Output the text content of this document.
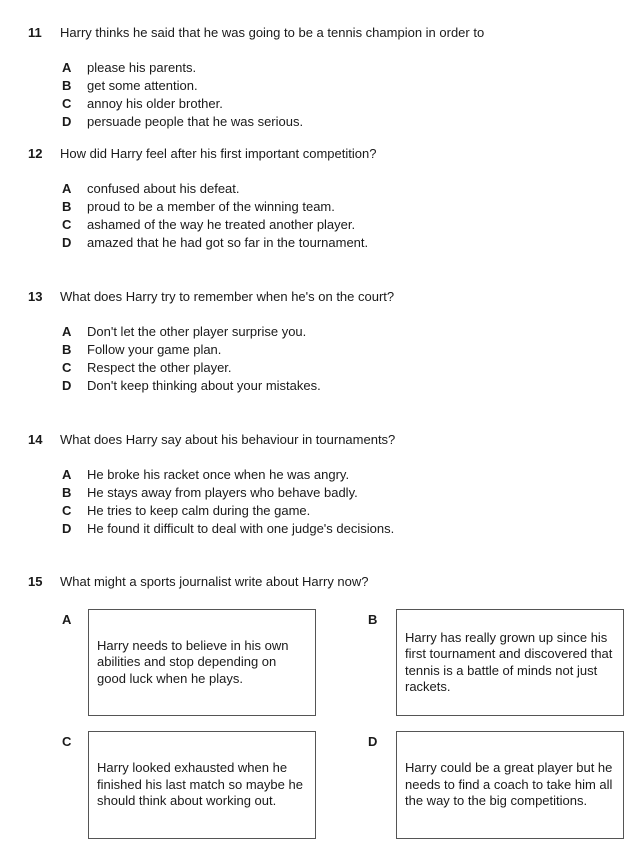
11 Harry thinks he said that he was going to be a tennis champion in order to
A please his parents.
B get some attention.
C annoy his older brother.
D persuade people that he was serious.
12 How did Harry feel after his first important competition?
A confused about his defeat.
B proud to be a member of the winning team.
C ashamed of the way he treated another player.
D amazed that he had got so far in the tournament.
13 What does Harry try to remember when he's on the court?
A Don't let the other player surprise you.
B Follow your game plan.
C Respect the other player.
D Don't keep thinking about your mistakes.
14 What does Harry say about his behaviour in tournaments?
A He broke his racket once when he was angry.
B He stays away from players who behave badly.
C He tries to keep calm during the game.
D He found it difficult to deal with one judge's decisions.
15 What might a sports journalist write about Harry now?
A
Harry needs to believe in his own abilities and stop depending on good luck when he plays.
B
Harry has really grown up since his first tournament and discovered that tennis is a battle of minds not just rackets.
C
Harry looked exhausted when he finished his last match so maybe he should think about working out.
D
Harry could be a great player but he needs to find a coach to take him all the way to the big competitions.
